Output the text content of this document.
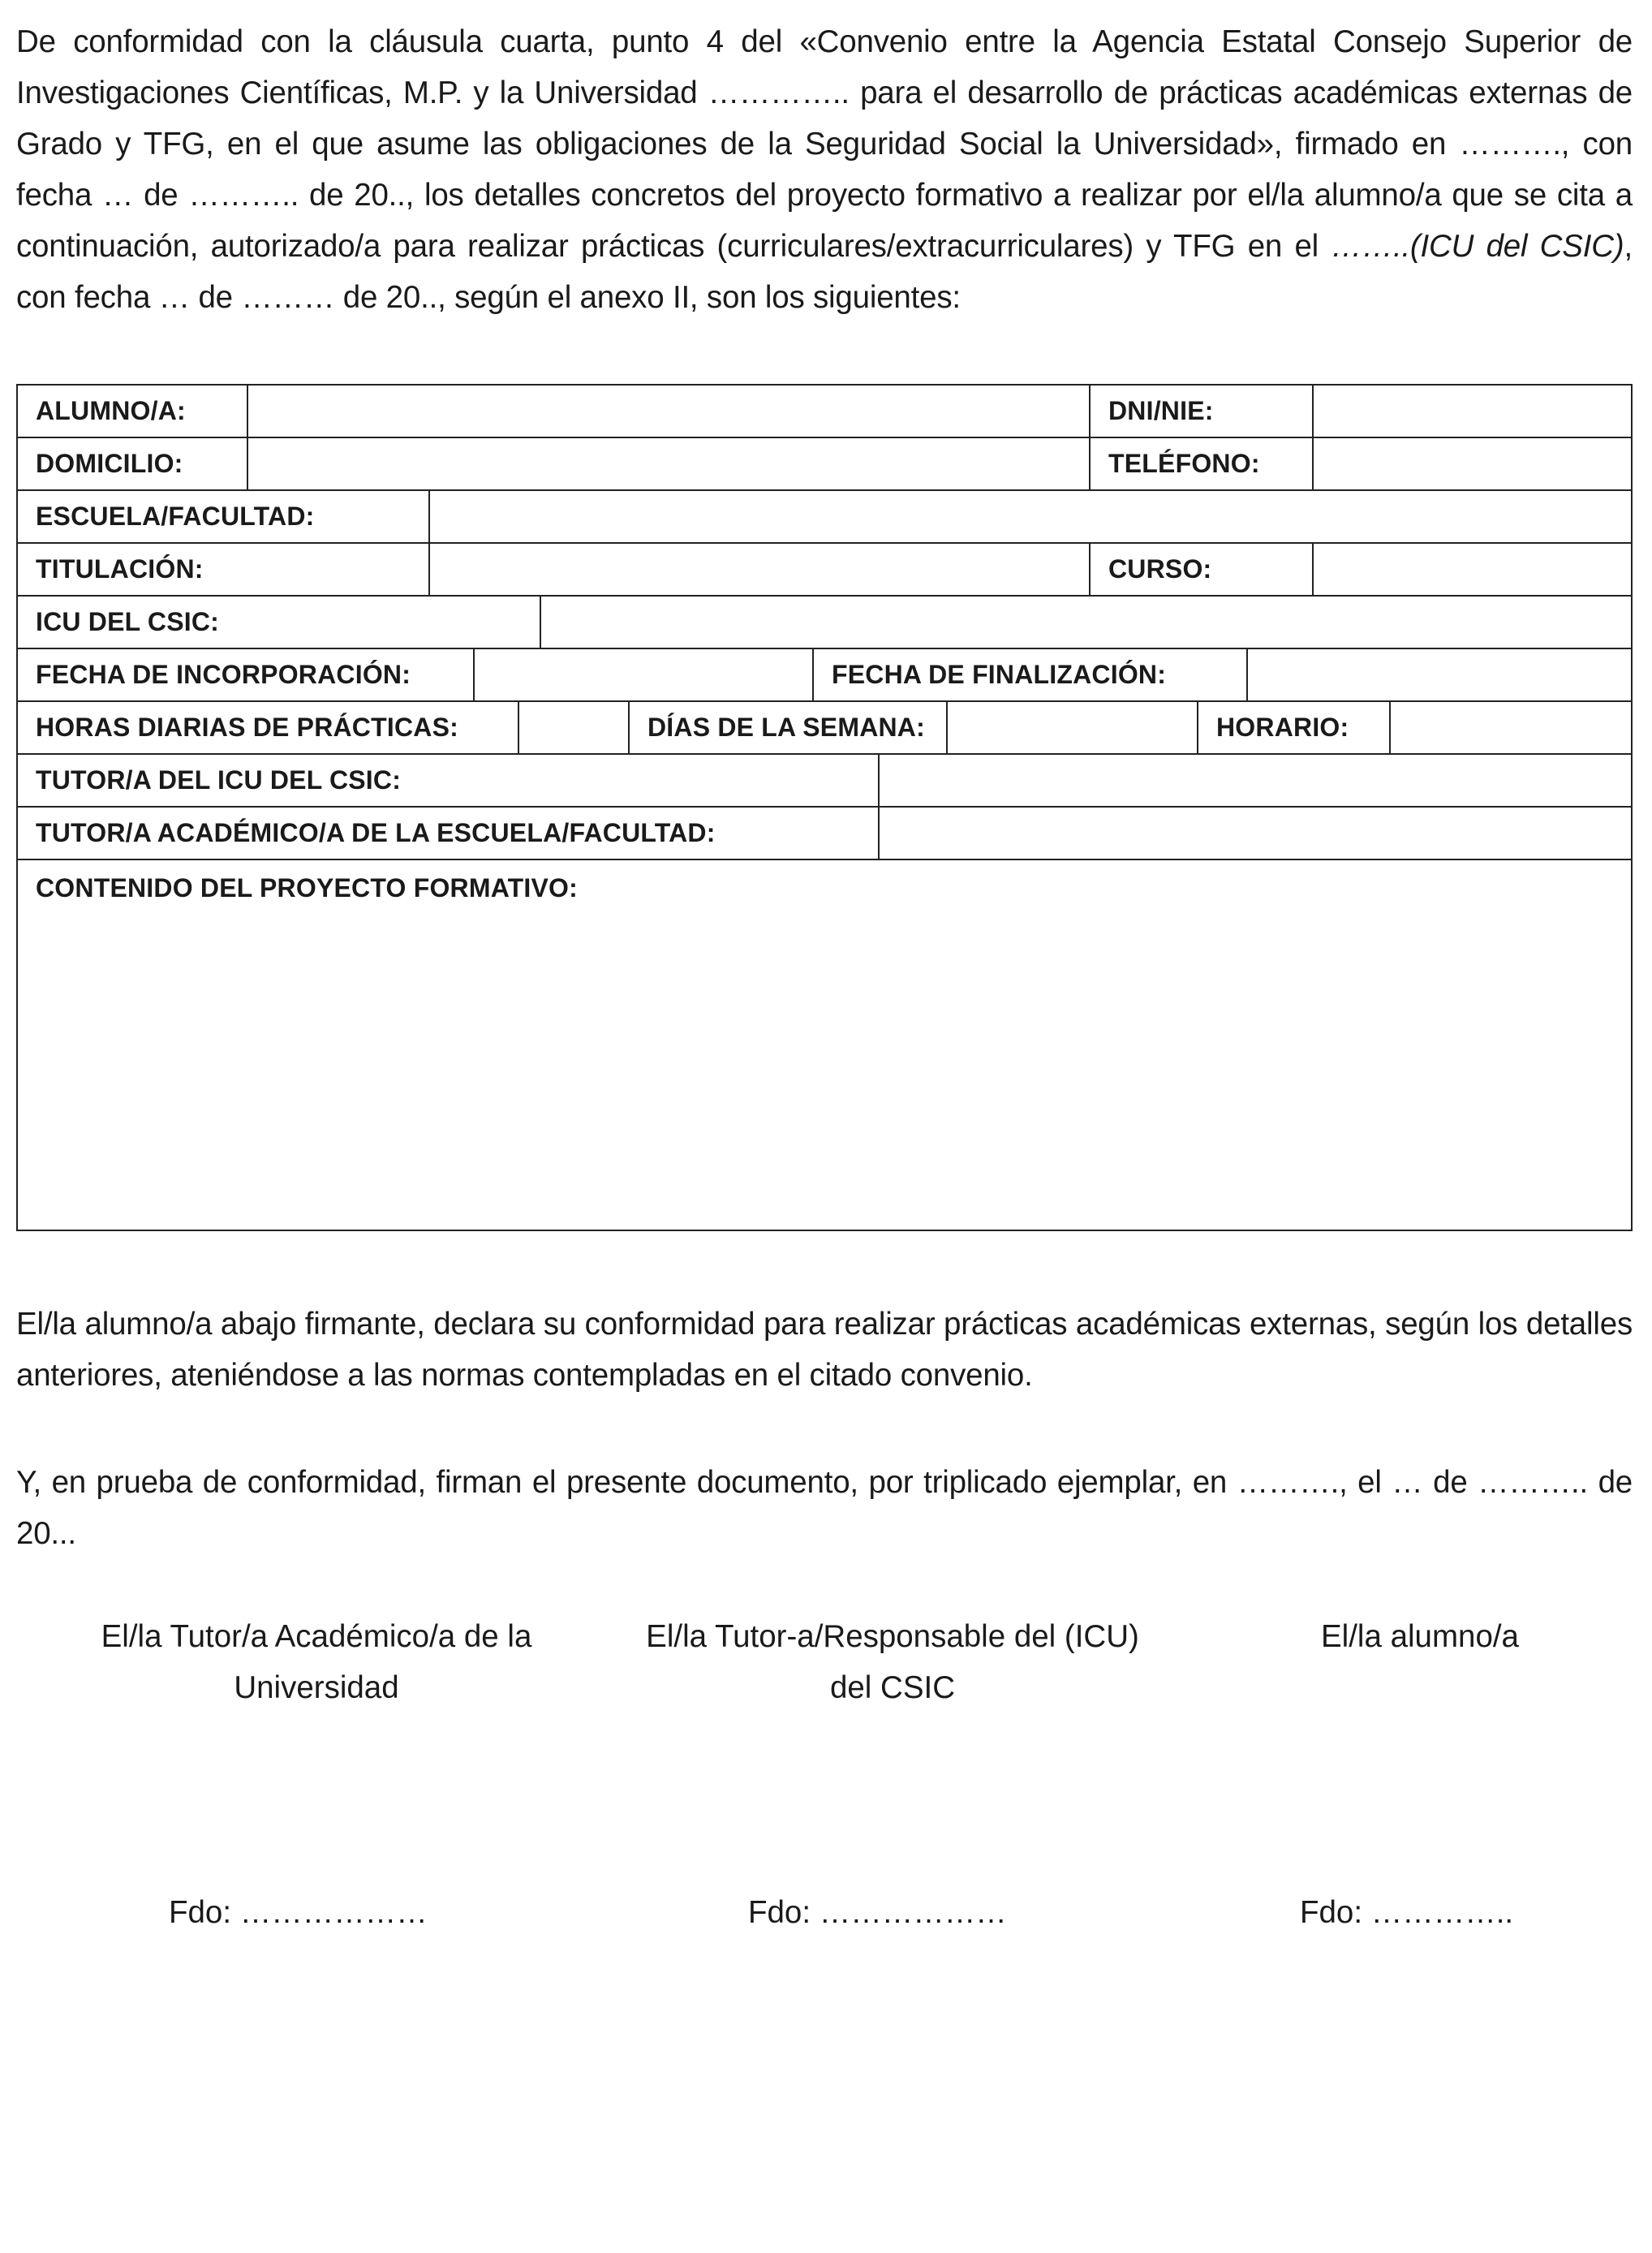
De conformidad con la cláusula cuarta, punto 4 del «Convenio entre la Agencia Estatal Consejo Superior de Investigaciones Científicas, M.P. y la Universidad ………….. para el desarrollo de prácticas académicas externas de Grado y TFG, en el que asume las obligaciones de la Seguridad Social la Universidad», firmado en ………., con fecha … de ……….. de 20.., los detalles concretos del proyecto formativo a realizar por el/la alumno/a que se cita a continuación, autorizado/a para realizar prácticas (curriculares/extracurriculares) y TFG en el ……..(ICU del CSIC), con fecha … de ……… de 20.., según el anexo II, son los siguientes:

ALUMNO/A:	DNI/NIE:
DOMICILIO:	TELÉFONO:
ESCUELA/FACULTAD:
TITULACIÓN:	CURSO:
ICU DEL CSIC:
FECHA DE INCORPORACIÓN:	FECHA DE FINALIZACIÓN:
HORAS DIARIAS DE PRÁCTICAS:	DÍAS DE LA SEMANA:	HORARIO:
TUTOR/A DEL ICU DEL CSIC:
TUTOR/A ACADÉMICO/A DE LA ESCUELA/FACULTAD:
CONTENIDO DEL PROYECTO FORMATIVO:

El/la alumno/a abajo firmante, declara su conformidad para realizar prácticas académicas externas, según los detalles anteriores, ateniéndose a las normas contempladas en el citado convenio.

Y, en prueba de conformidad, firman el presente documento, por triplicado ejemplar, en ………., el … de ……….. de 20...

El/la Tutor/a Académico/a de la
Universidad
El/la Tutor-a/Responsable del (ICU)
del CSIC
El/la alumno/a
Fdo: ………………	Fdo: ………………	Fdo: …………..
